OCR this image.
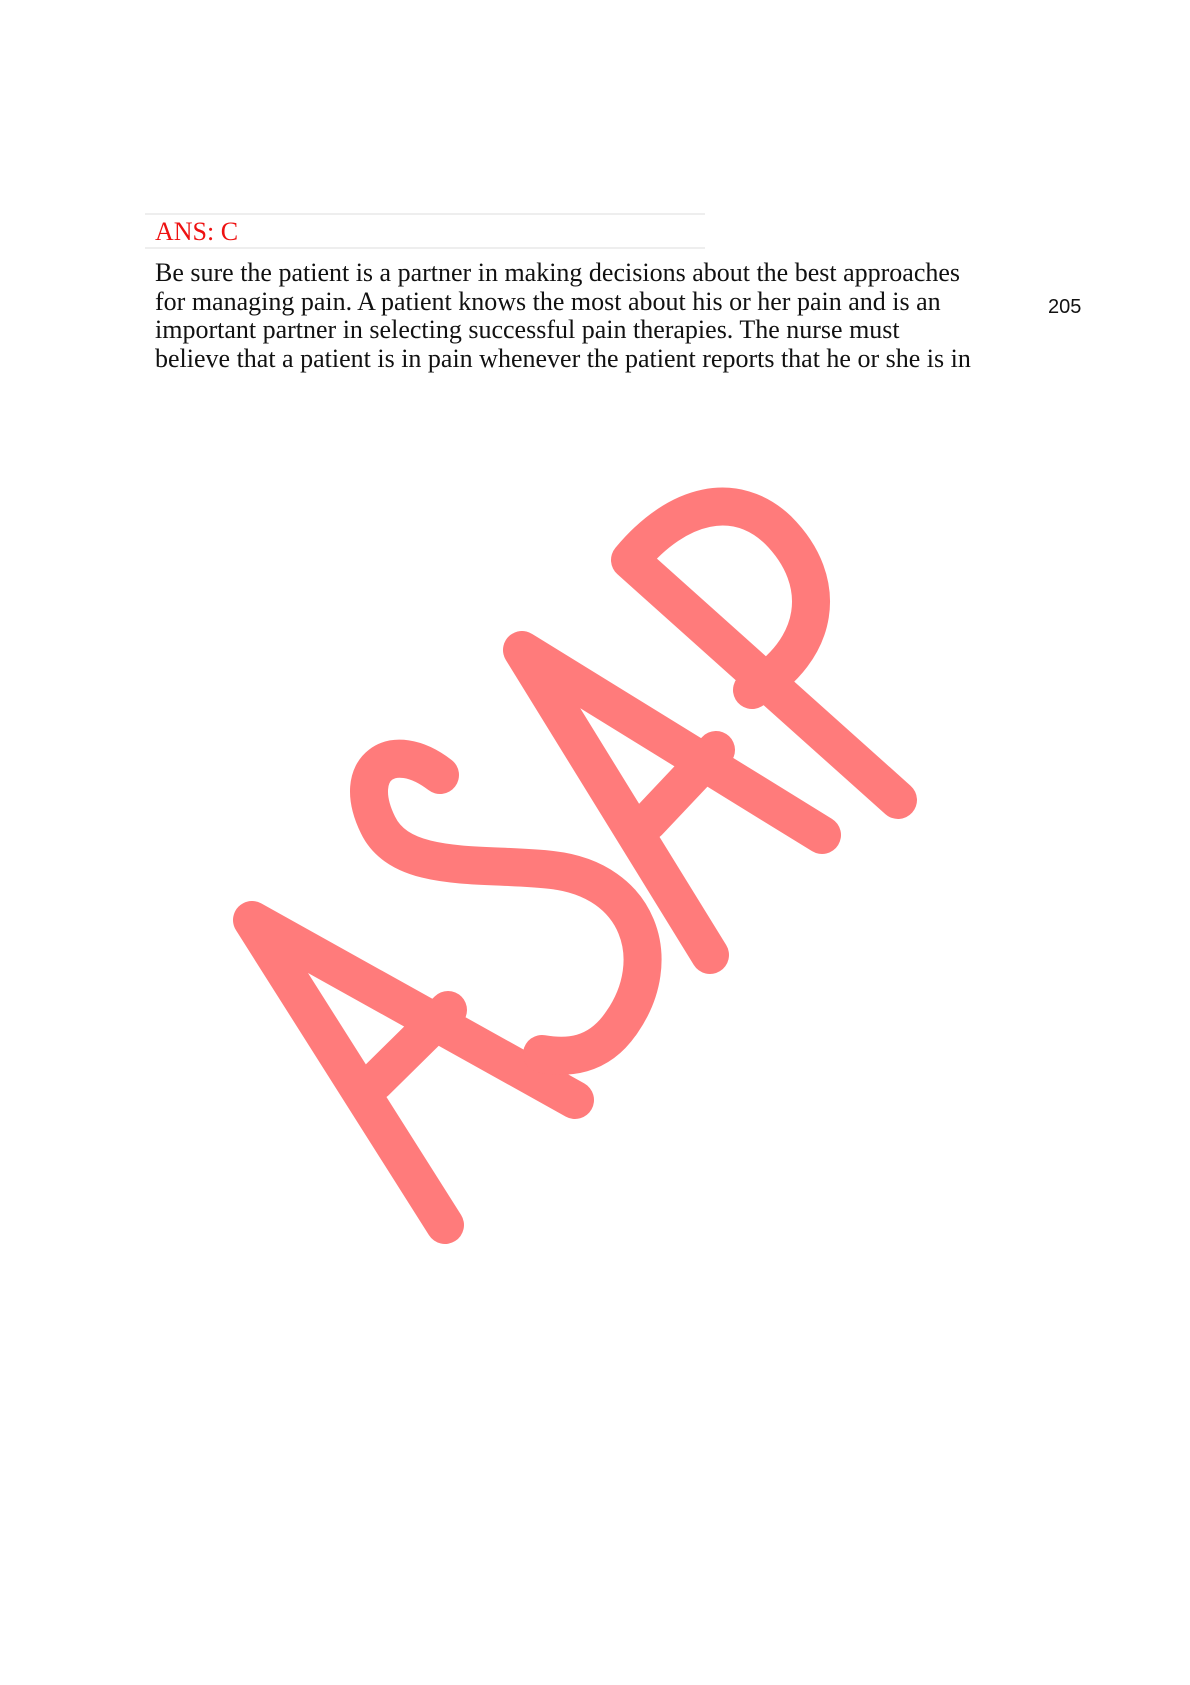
ANS: C
Be sure the patient is a partner in making decisions about the best approaches
for managing pain. A patient knows the most about his or her pain and is an
important partner in selecting successful pain therapies. The nurse must
believe that a patient is in pain whenever the patient reports that he or she is in
205
